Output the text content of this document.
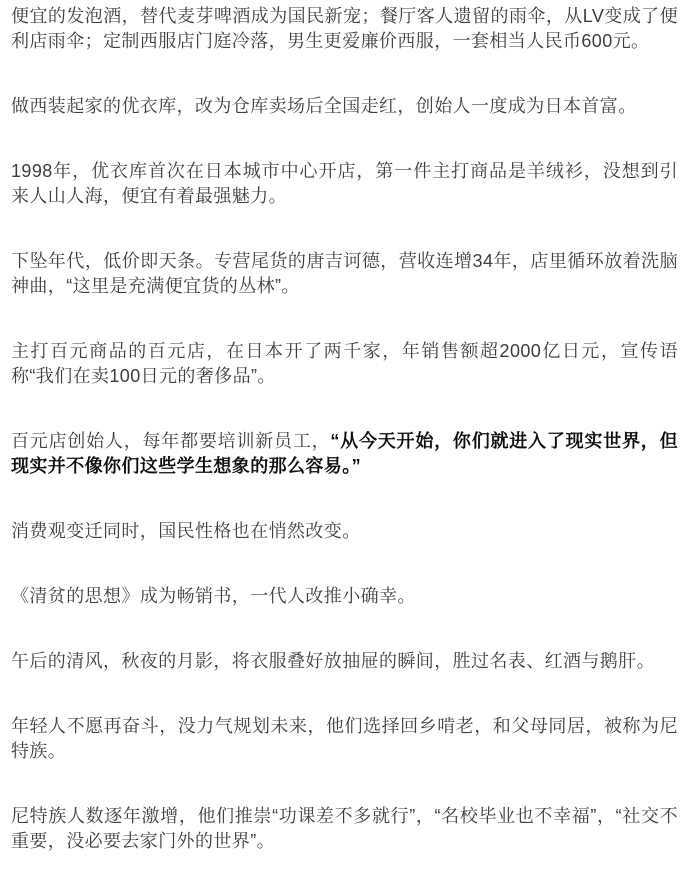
便宜的发泡酒，替代麦芽啤酒成为国民新宠；餐厅客人遗留的雨伞，从LV变成了便利店雨伞；定制西服店门庭冷落，男生更爱廉价西服，一套相当人民币600元。

做西装起家的优衣库，改为仓库卖场后全国走红，创始人一度成为日本首富。

1998年，优衣库首次在日本城市中心开店，第一件主打商品是羊绒衫，没想到引来人山人海，便宜有着最强魅力。

下坠年代，低价即天条。专营尾货的唐吉诃德，营收连增34年，店里循环放着洗脑神曲，“这里是充满便宜货的丛林”。

主打百元商品的百元店，在日本开了两千家，年销售额超2000亿日元，宣传语称“我们在卖100日元的奢侈品”。

百元店创始人，每年都要培训新员工，“从今天开始，你们就进入了现实世界，但现实并不像你们这些学生想象的那么容易。”

消费观变迁同时，国民性格也在悄然改变。

《清贫的思想》成为畅销书，一代人改推小确幸。

午后的清风，秋夜的月影，将衣服叠好放抽屉的瞬间，胜过名表、红酒与鹅肝。

年轻人不愿再奋斗，没力气规划未来，他们选择回乡啃老，和父母同居，被称为尼特族。

尼特族人数逐年激增，他们推崇“功课差不多就行”，“名校毕业也不幸福”，“社交不重要，没必要去家门外的世界”。
